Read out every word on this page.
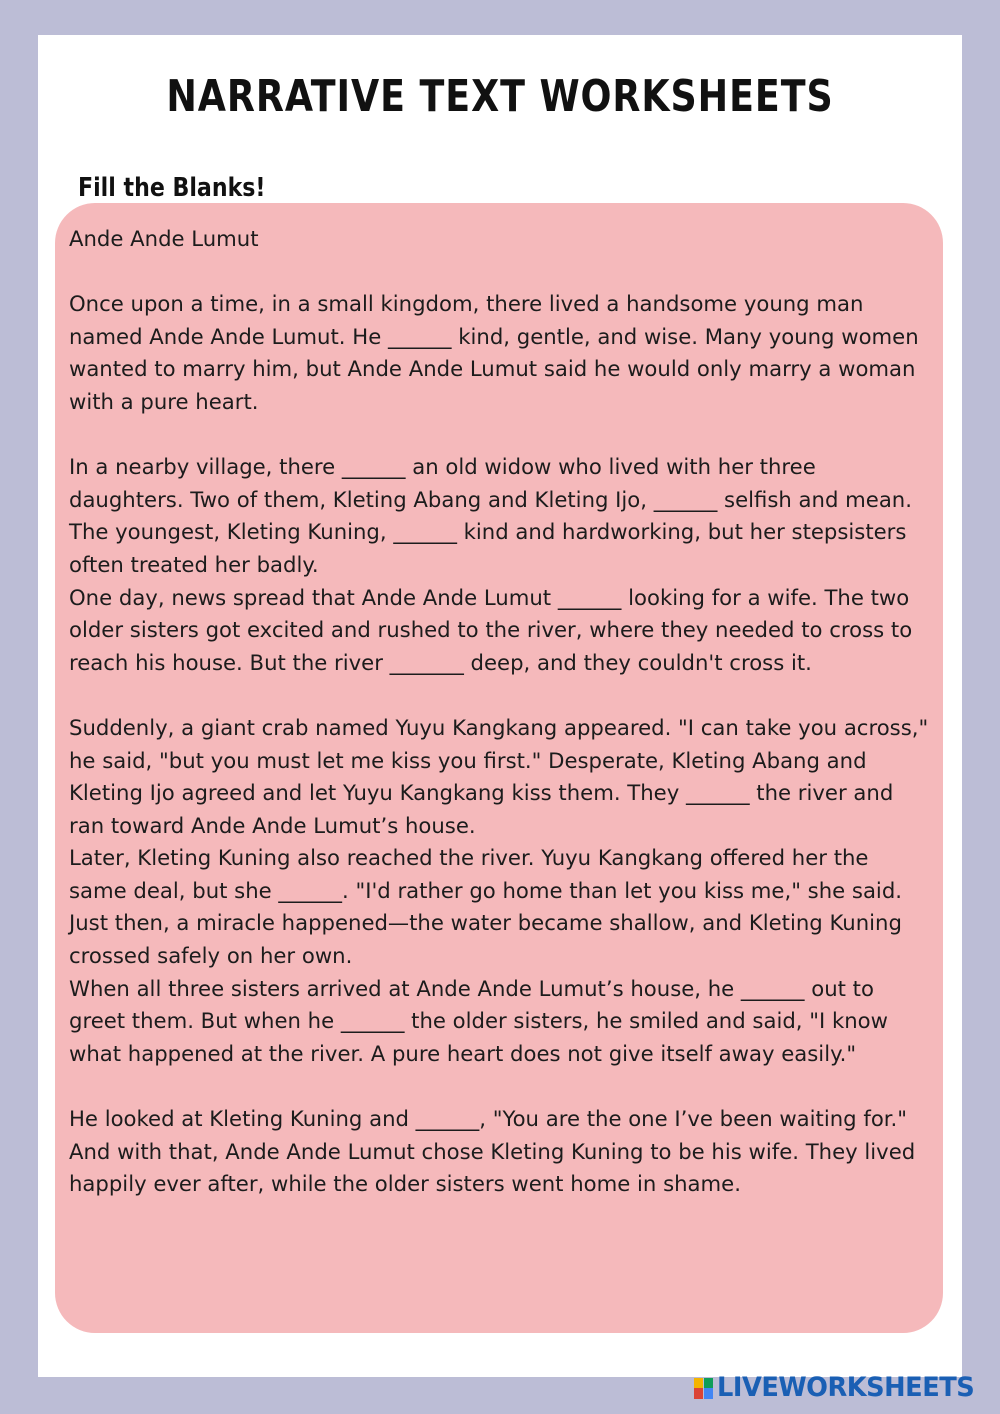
NARRATIVE TEXT WORKSHEETS
Fill the Blanks!

Ande Ande Lumut

Once upon a time, in a small kingdom, there lived a handsome young man named Ande Ande Lumut. He ______ kind, gentle, and wise. Many young women wanted to marry him, but Ande Ande Lumut said he would only marry a woman with a pure heart.

In a nearby village, there ______ an old widow who lived with her three daughters. Two of them, Kleting Abang and Kleting Ijo, ______ selfish and mean. The youngest, Kleting Kuning, ______ kind and hardworking, but her stepsisters often treated her badly.
One day, news spread that Ande Ande Lumut ______ looking for a wife. The two older sisters got excited and rushed to the river, where they needed to cross to reach his house. But the river _______ deep, and they couldn't cross it.

Suddenly, a giant crab named Yuyu Kangkang appeared. "I can take you across," he said, "but you must let me kiss you first." Desperate, Kleting Abang and Kleting Ijo agreed and let Yuyu Kangkang kiss them. They ______ the river and ran toward Ande Ande Lumut’s house.
Later, Kleting Kuning also reached the river. Yuyu Kangkang offered her the same deal, but she ______. "I'd rather go home than let you kiss me," she said. Just then, a miracle happened—the water became shallow, and Kleting Kuning crossed safely on her own.
When all three sisters arrived at Ande Ande Lumut’s house, he ______ out to greet them. But when he ______ the older sisters, he smiled and said, "I know what happened at the river. A pure heart does not give itself away easily."

He looked at Kleting Kuning and ______, "You are the one I’ve been waiting for." And with that, Ande Ande Lumut chose Kleting Kuning to be his wife. They lived happily ever after, while the older sisters went home in shame.

LIVEWORKSHEETS
